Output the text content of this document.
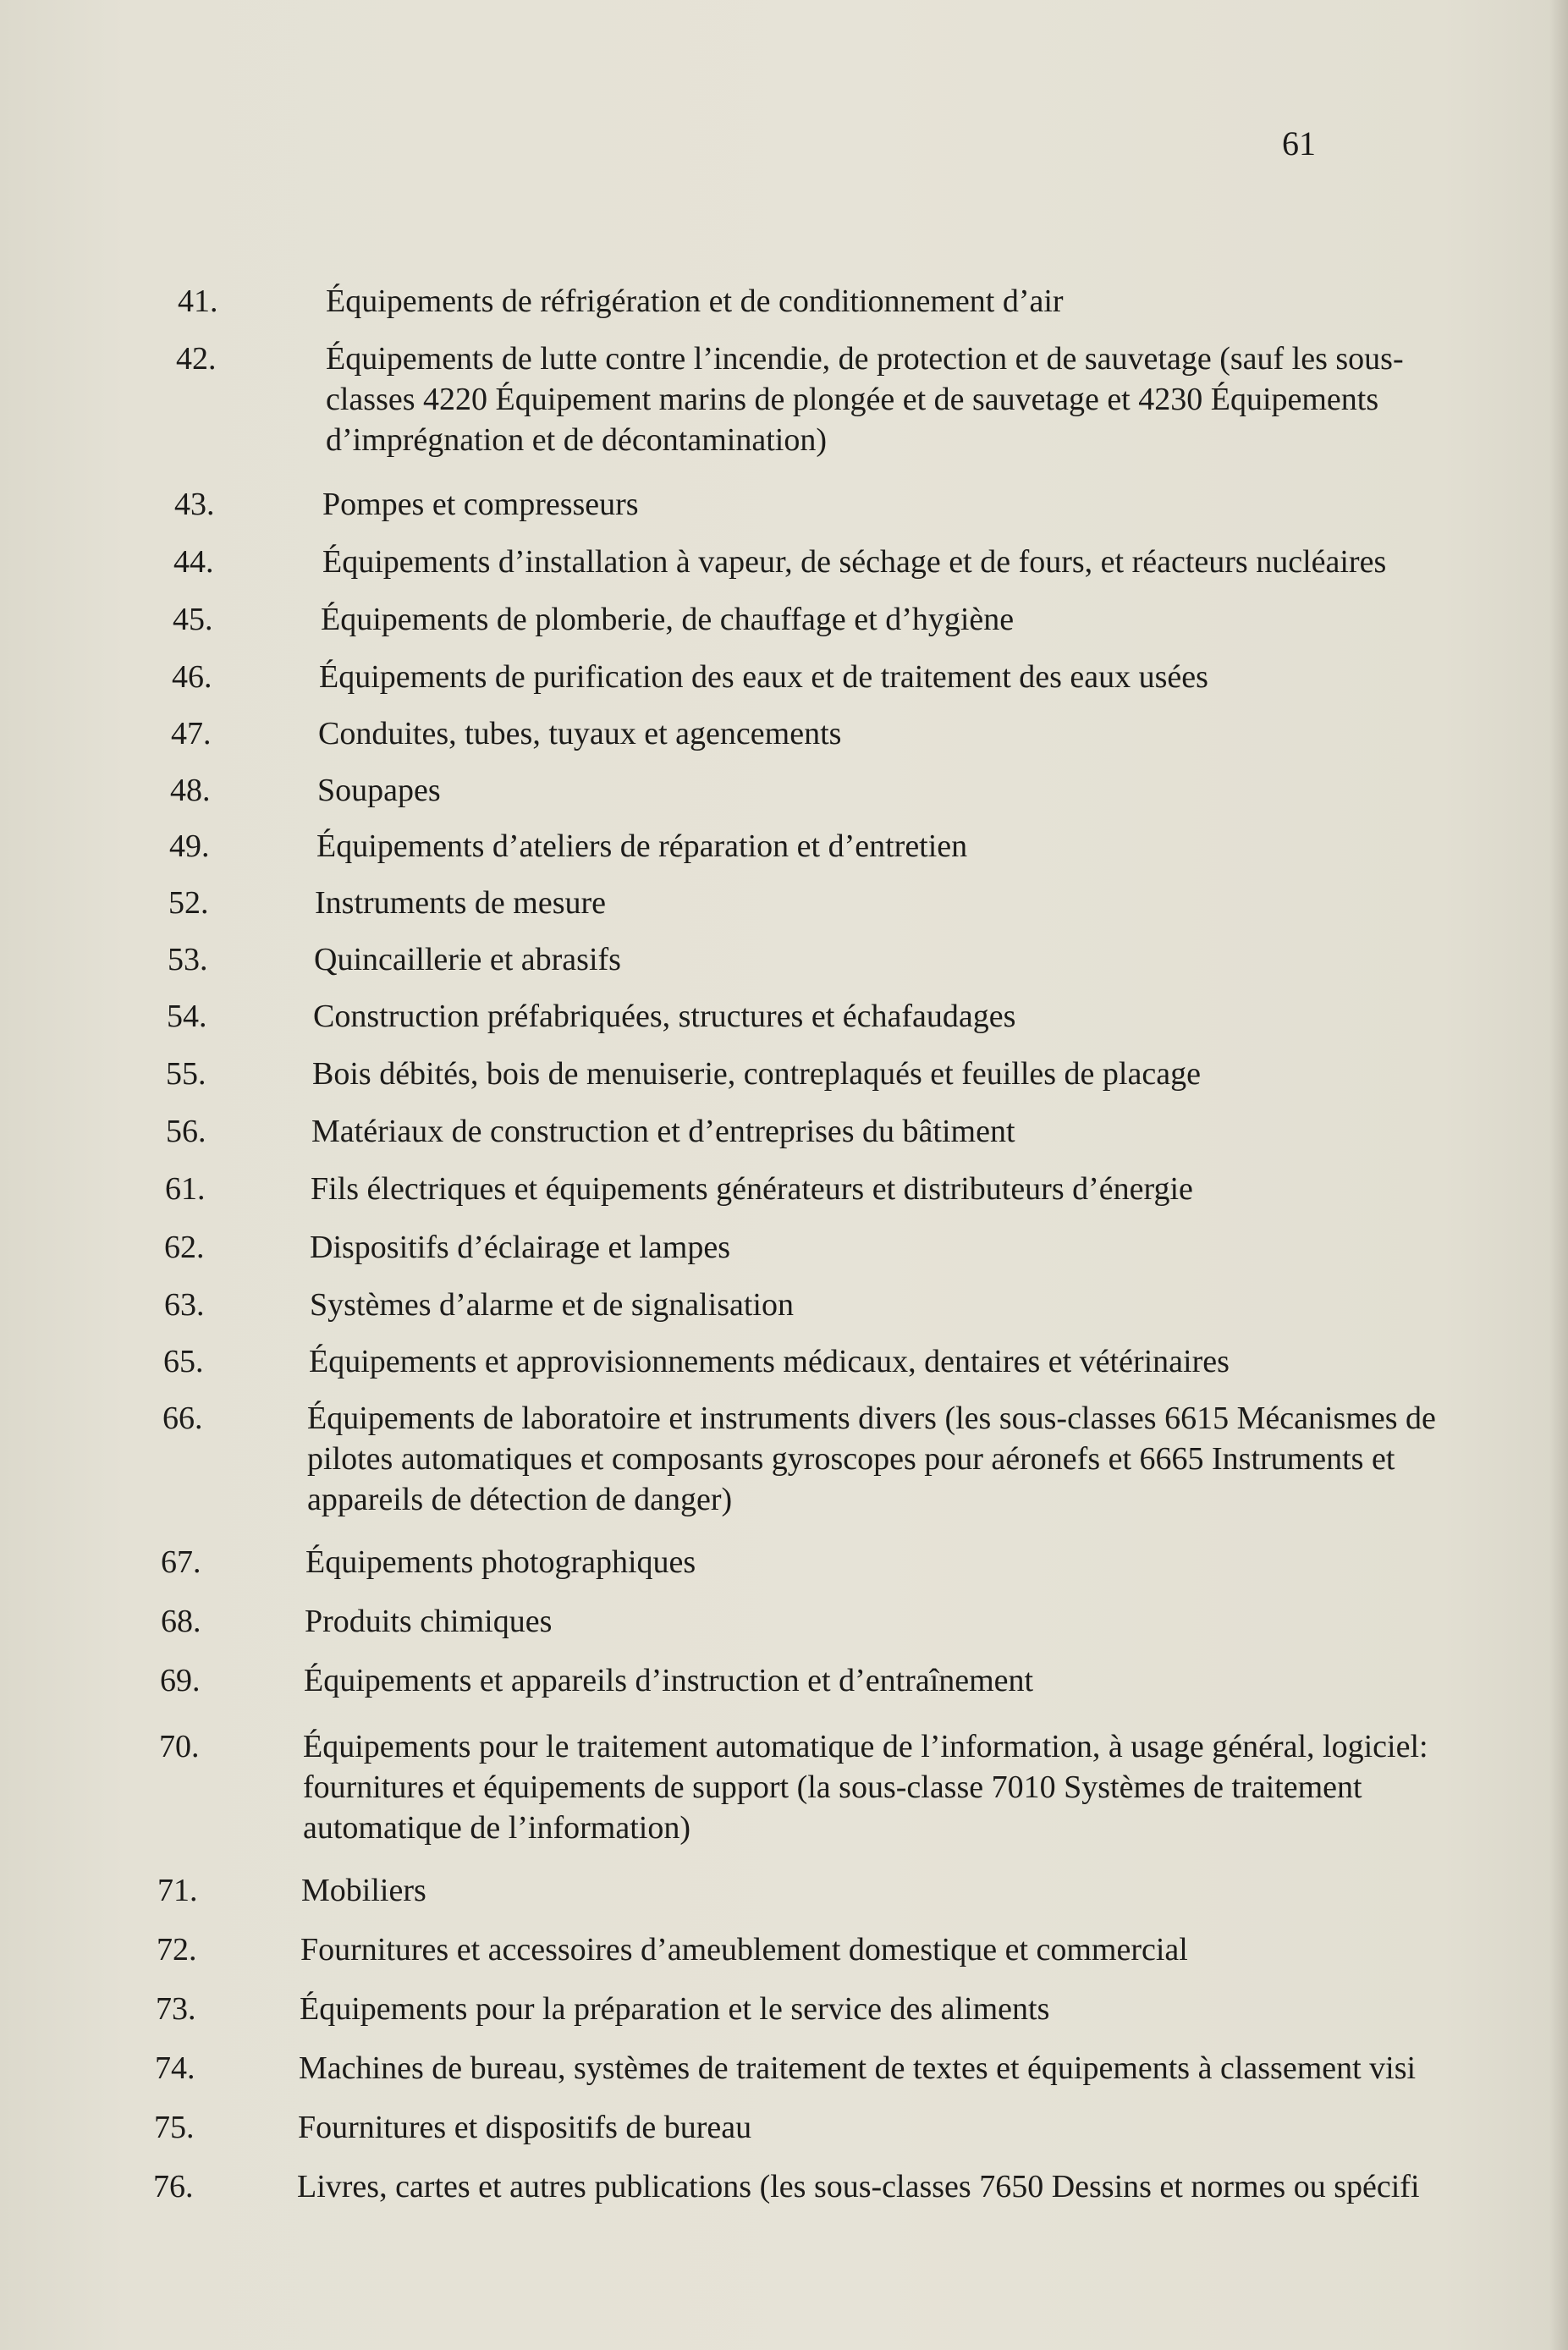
61
41.	Équipements de réfrigération et de conditionnement d’air
42.	Équipements de lutte contre l’incendie, de protection et de sauvetage (sauf les sous-classes 4220 Équipement marins de plongée et de sauvetage et 4230 Équipements d’imprégnation et de décontamination)
43.	Pompes et compresseurs
44.	Équipements d’installation à vapeur, de séchage et de fours, et réacteurs nucléaires
45.	Équipements de plomberie, de chauffage et d’hygiène
46.	Équipements de purification des eaux et de traitement des eaux usées
47.	Conduites, tubes, tuyaux et agencements
48.	Soupapes
49.	Équipements d’ateliers de réparation et d’entretien
52.	Instruments de mesure
53.	Quincaillerie et abrasifs
54.	Construction préfabriquées, structures et échafaudages
55.	Bois débités, bois de menuiserie, contreplaqués et feuilles de placage
56.	Matériaux de construction et d’entreprises du bâtiment
61.	Fils électriques et équipements générateurs et distributeurs d’énergie
62.	Dispositifs d’éclairage et lampes
63.	Systèmes d’alarme et de signalisation
65.	Équipements et approvisionnements médicaux, dentaires et vétérinaires
66.	Équipements de laboratoire et instruments divers (les sous-classes 6615 Mécanismes de pilotes automatiques et composants gyroscopes pour aéronefs et 6665 Instruments et appareils de détection de danger)
67.	Équipements photographiques
68.	Produits chimiques
69.	Équipements et appareils d’instruction et d’entraînement
70.	Équipements pour le traitement automatique de l’information, à usage général, logiciel: fournitures et équipements de support (la sous-classe 7010 Systèmes de traitement automatique de l’information)
71.	Mobiliers
72.	Fournitures et accessoires d’ameublement domestique et commercial
73.	Équipements pour la préparation et le service des aliments
74.	Machines de bureau, systèmes de traitement de textes et équipements à classement visi
75.	Fournitures et dispositifs de bureau
76.	Livres, cartes et autres publications (les sous-classes 7650 Dessins et normes ou spécifi
